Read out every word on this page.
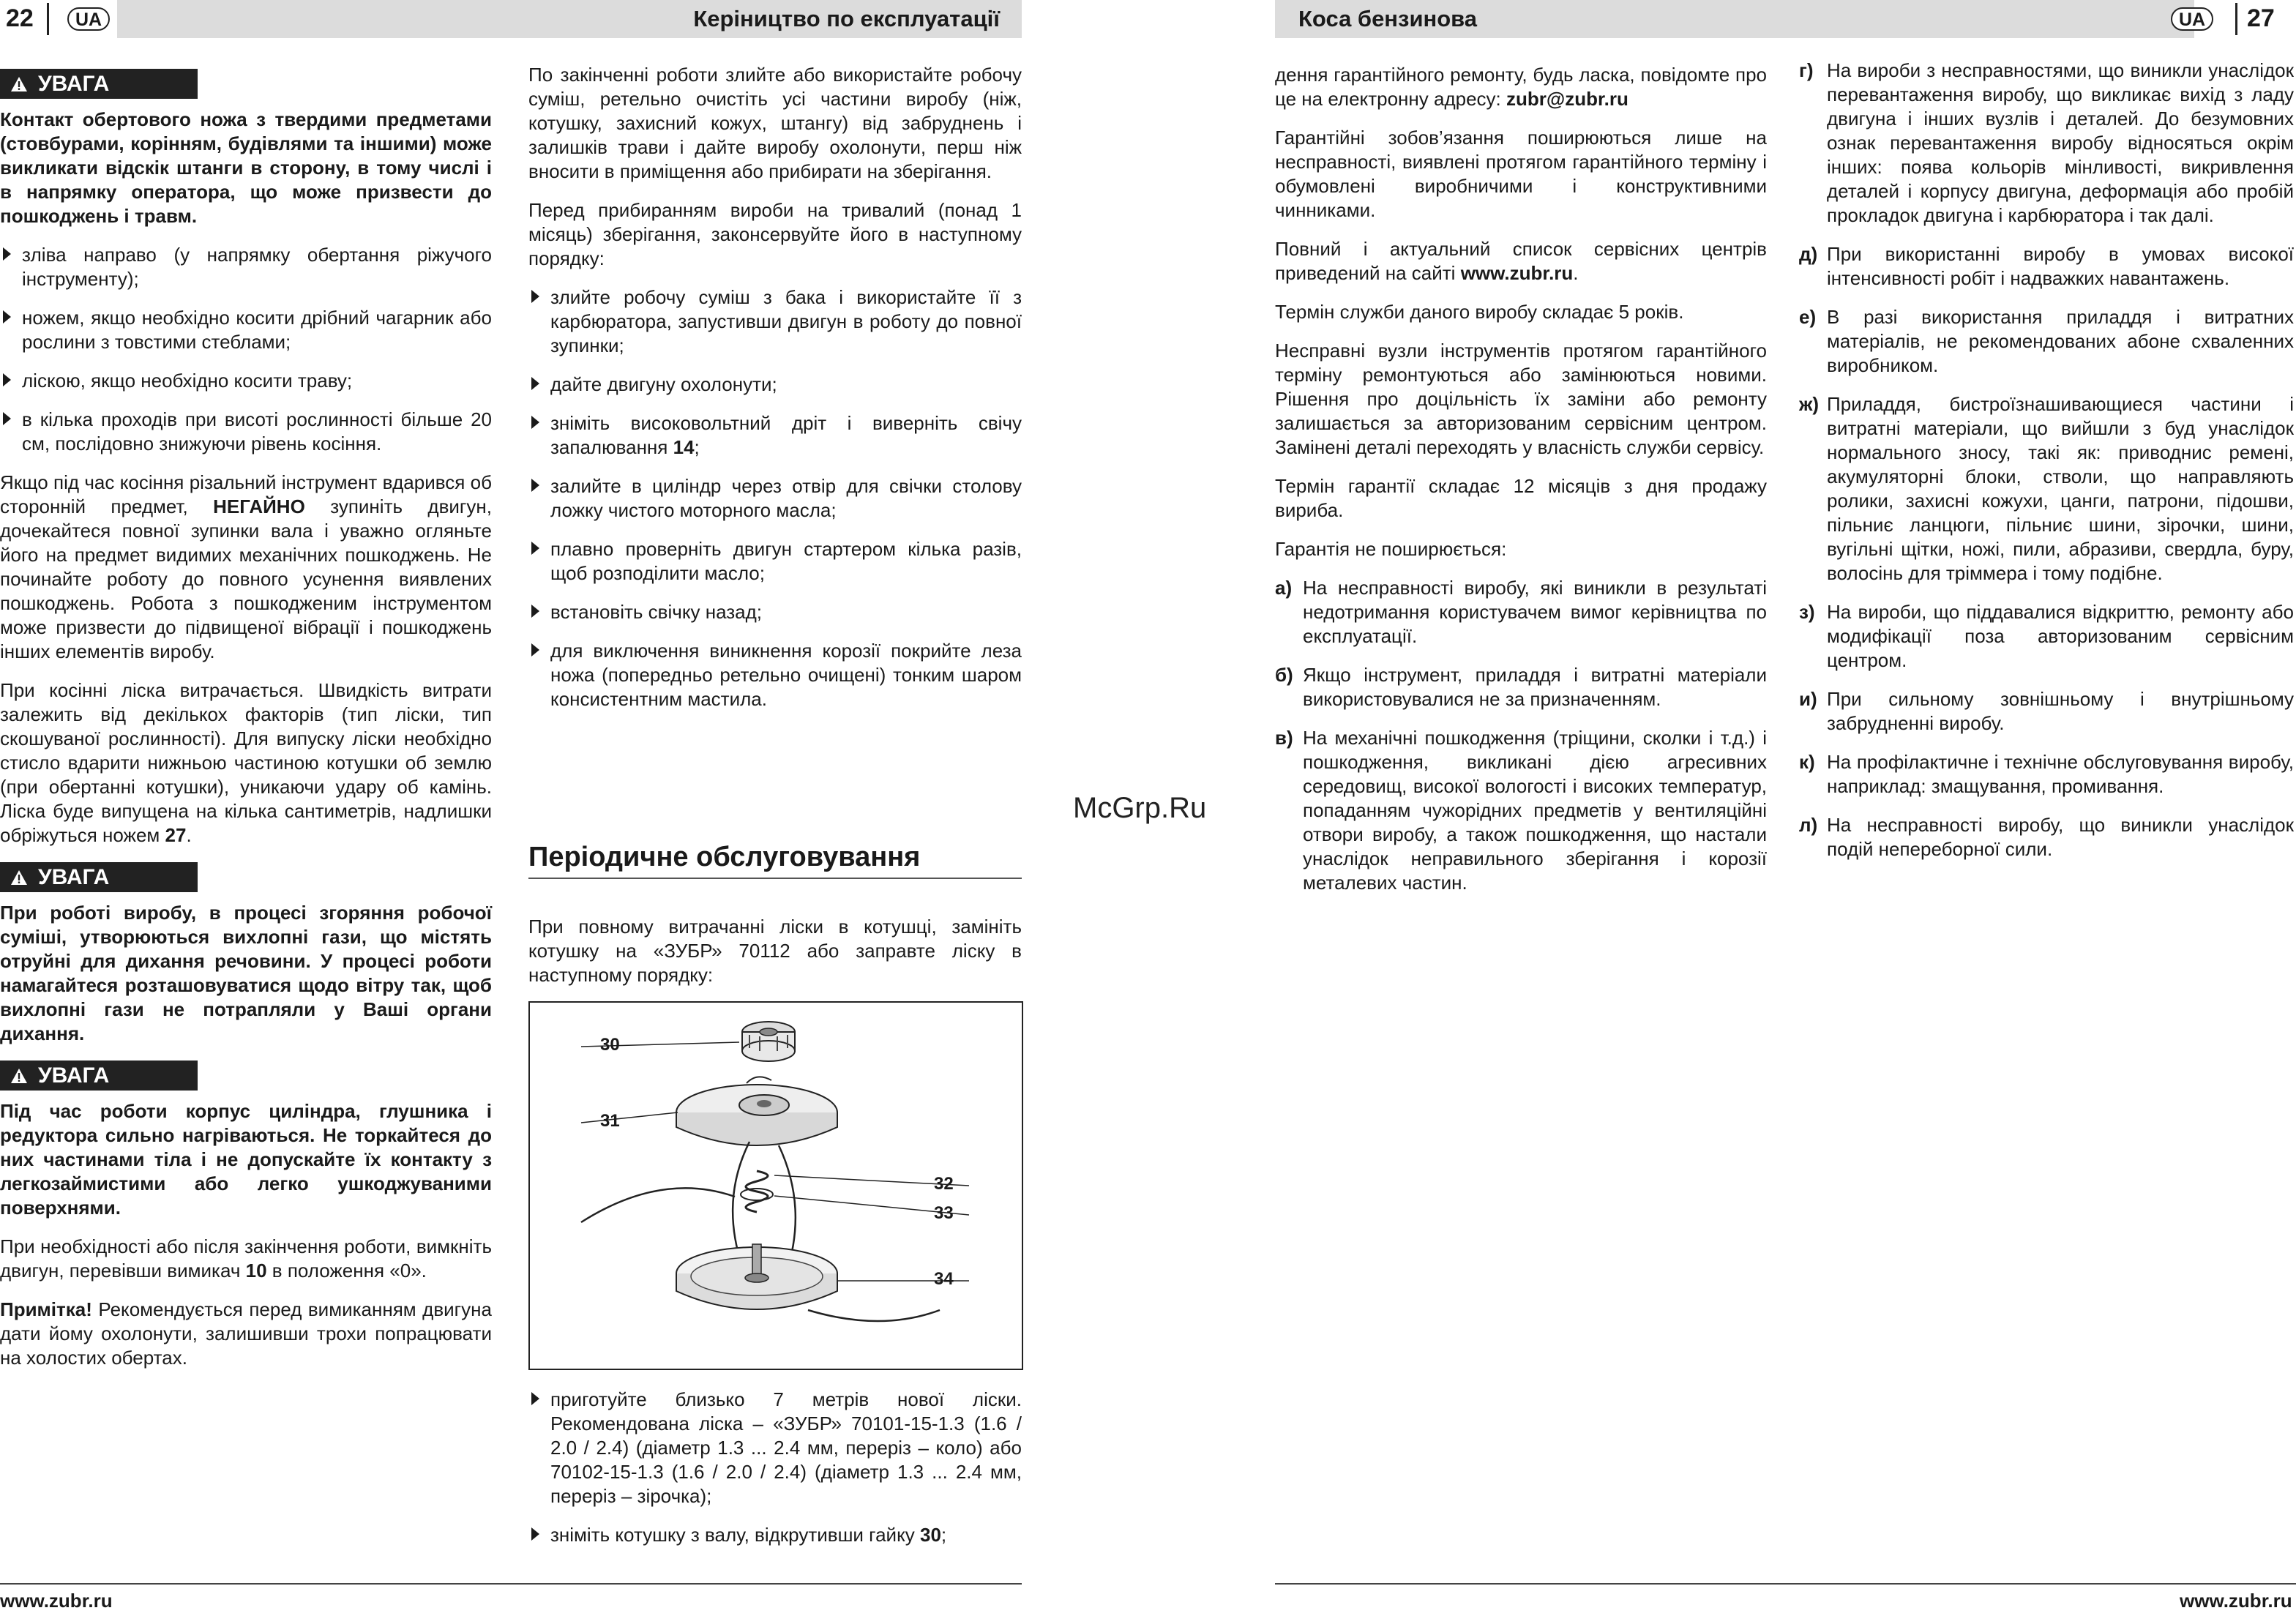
22	UA	Керіництво по експлуатації
УВАГА

Контакт обертового ножа з твердими предметами (стовбурами, корінням, будівлями та іншими) може викликати відскік штанги в сторону, в тому числі і в напрямку оператора, що може призвести до пошкоджень і травм.

зліва направо (у напрямку обертання ріжучого інструменту);
ножем, якщо необхідно косити дрібний чагарник або рослини з товстими стеблами;
ліскою, якщо необхідно косити траву;
в кілька проходів при висоті рослинності більше 20 см, послідовно знижуючи рівень косіння.

Якщо під час косіння різальний інструмент вдарився об сторонній предмет, НЕГАЙНО зупиніть двигун, дочекайтеся повної зупинки вала і уважно огляньте його на предмет видимих механічних пошкоджень. Не починайте роботу до повного усунення виявлених пошкоджень. Робота з пошкодженим інструментом може призвести до підвищеної вібрації і пошкоджень інших елементів виробу.

При косінні ліска витрачається. Швидкість витрати залежить від декількох факторів (тип ліски, тип скошуваної рослинності). Для випуску ліски необхідно стисло вдарити нижньою частиною котушки об землю (при обертанні котушки), уникаючи удару об камінь. Ліска буде випущена на кілька сантиметрів, надлишки обріжуться ножем 27.

УВАГА

При роботі виробу, в процесі згоряння робочої суміші, утворюються вихлопні гази, що містять отруйні для дихання речовини. У процесі роботи намагайтеся розташовуватися щодо вітру так, щоб вихлопні гази не потрапляли у Ваші органи дихання.

УВАГА

Під час роботи корпус циліндра, глушника і редуктора сильно нагріваються. Не торкайтеся до них частинами тіла і не допускайте їх контакту з легкозаймистими або легко ушкоджуваними поверхнями.

При необхідності або після закінчення роботи, вимкніть двигун, перевівши вимикач 10 в положення «0».

Примітка! Рекомендується перед вимиканням двигуна дати йому охолонути, залишивши трохи попрацювати на холостих обертах.

По закінченні роботи злийте або використайте робочу суміш, ретельно очистіть усі частини виробу (ніж, котушку, захисний кожух, штангу) від забруднень і залишків трави і дайте виробу охолонути, перш ніж вносити в приміщення або прибирати на зберігання.

Перед прибиранням вироби на тривалий (понад 1 місяць) зберігання, законсервуйте його в наступному порядку:

злийте робочу суміш з бака і використайте її з карбюратора, запустивши двигун в роботу до повної зупинки;
дайте двигуну охолонути;
зніміть високовольтний дріт і виверніть свічу запалювання 14;
залийте в циліндр через отвір для свічки столову ложку чистого моторного масла;
плавно проверніть двигун стартером кілька разів, щоб розподілити масло;
встановіть свічку назад;
для виключення виникнення корозії покрийте леза ножа (попередньо ретельно очищені) тонким шаром консистентним мастила.
Періодичне обслуговування

При повному витрачанні ліски в котушці, замініть котушку на «ЗУБР» 70112 або заправте ліску в наступному порядку:

30
31
32
33
34
приготуйте близько 7 метрів нової ліски. Рекомендована ліска – «ЗУБР» 70101-15-1.3 (1.6 / 2.0 / 2.4) (діаметр 1.3 ... 2.4 мм, переріз – коло) або 70102-15-1.3 (1.6 / 2.0 / 2.4) (діаметр 1.3 ... 2.4 мм, переріз – зірочка);
зніміть котушку з валу, відкрутивши гайку 30;
www.zubr.ru
McGrp.Ru
Коса бензинова	UA	27

дення гарантійного ремонту, будь ласка, повідомте про це на електронну адресу: zubr@zubr.ru

Гарантійні зобов’язання поширюються лише на несправності, виявлені протягом гарантійного терміну і обумовлені виробничими і конструктивними чинниками.

Повний і актуальний список сервісних центрів приведений на сайті www.zubr.ru.

Термін служби даного виробу складає 5 років.

Несправні вузли інструментів протягом гарантійного терміну ремонтуються або замінюються новими. Рішення про доцільність їх заміни або ремонту залишається за авторизованим сервісним центром. Замінені деталі переходять у власність служби сервісу.

Термін гарантії складає 12 місяців з дня продажу вириба.

Гарантія не поширюється:

а) На несправності виробу, які виникли в результаті недотримання користувачем вимог керівництва по експлуатації.
б) Якщо інструмент, приладдя і витратні матеріали використовувалися не за призначенням.
в) На механічні пошкодження (тріщини, сколки і т.д.) і пошкодження, викликані дією агресивних середовищ, високої вологості і високих температур, попаданням чужорідних предметів у вентиляційні отвори виробу, а також пошкодження, що настали унаслідок неправильного зберігання і корозії металевих частин.
г) На вироби з несправностями, що виникли унаслідок перевантаження виробу, що викликає вихід з ладу двигуна і інших вузлів і деталей. До безумовних ознак перевантаження виробу відносяться окрім інших: поява кольорів мінливості, викривлення деталей і корпусу двигуна, деформація або пробій прокладок двигуна і карбюратора і так далі.
д) При використанні виробу в умовах високої інтенсивності робіт і надважких навантажень.
е) В разі використання приладдя і витратних матеріалів, не рекомендованих абоне схваленних виробником.
ж) Приладдя, бистроїзнашивающиеся частини і витратні матеріали, що вийшли з буд унаслідок нормального зносу, такі як: приводнис ремені, акумуляторні блоки, стволи, що направляють ролики, захисні кожухи, цанги, патрони, підошви, пільниє ланцюги, пільниє шини, зірочки, шини, вугільні щітки, ножі, пили, абразиви, свердла, буру, волосінь для тріммера і тому подібне.
з) На вироби, що піддавалися відкриттю, ремонту або модифікації поза авторизованим сервісним центром.
и) При сильному зовнішньому і внутрішньому забрудненні виробу.
к) На профілактичне і технічне обслуговування виробу, наприклад: змащування, промивання.
л) На несправності виробу, що виникли унаслідок подій непереборної сили.
www.zubr.ru
